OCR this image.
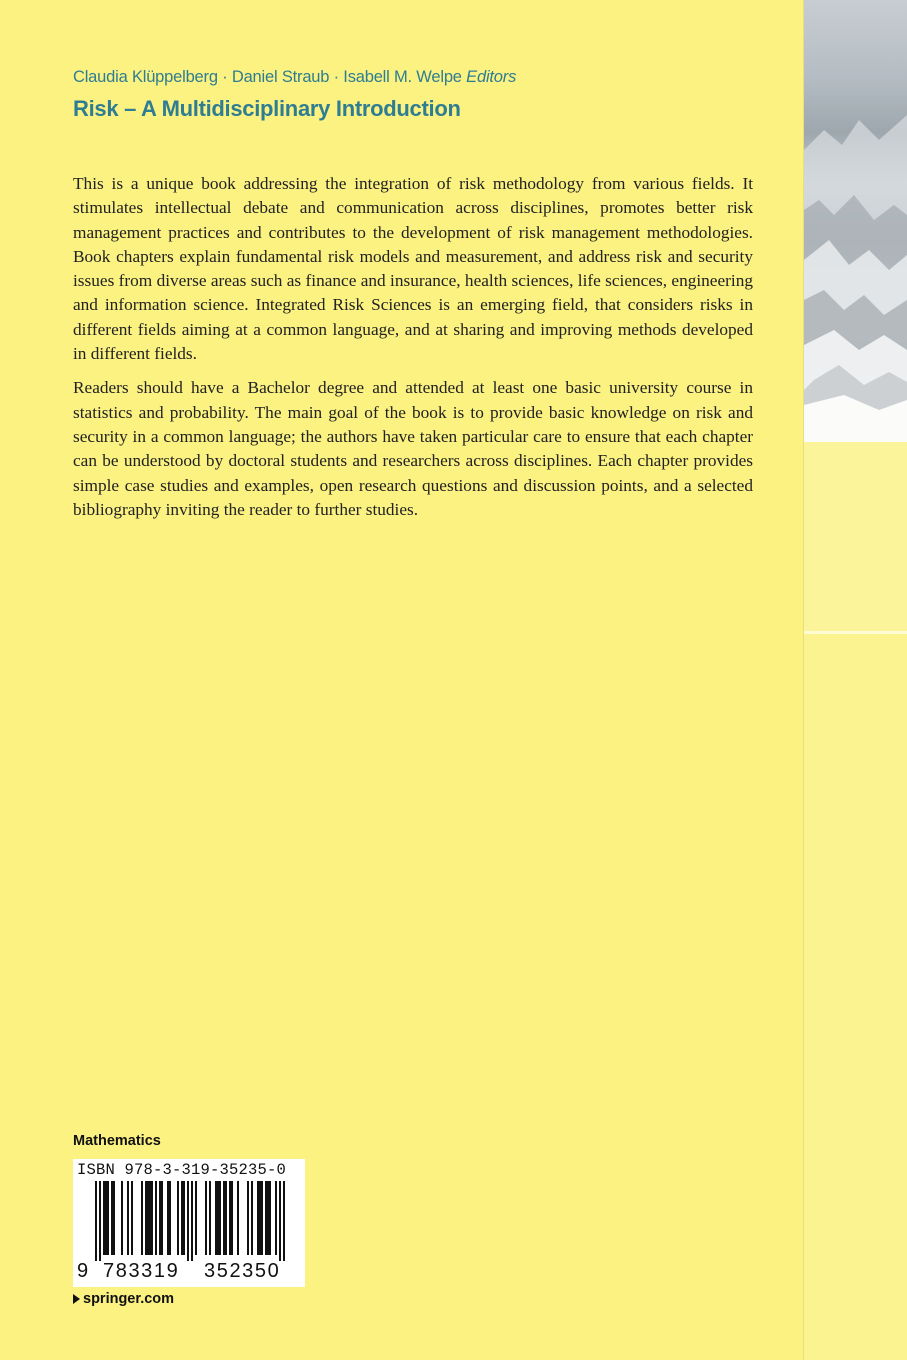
Claudia Klüppelberg · Daniel Straub · Isabell M. Welpe Editors
Risk – A Multidisciplinary Introduction

This is a unique book addressing the integration of risk methodology from various fields. It stimulates intellectual debate and communication across disciplines, promotes better risk management practices and contributes to the development of risk management methodologies. Book chapters explain fundamental risk models and measurement, and address risk and security issues from diverse areas such as finance and insurance, health sciences, life sciences, engineering and information science. Integrated Risk Sciences is an emerging field, that considers risks in different fields aiming at a common language, and at sharing and improving methods developed in different fields.

Readers should have a Bachelor degree and attended at least one basic university course in statistics and probability. The main goal of the book is to provide basic knowledge on risk and security in a common language; the authors have taken particular care to ensure that each chapter can be understood by doctoral students and researchers across disciplines. Each chapter provides simple case studies and examples, open research questions and discussion points, and a selected bibliography inviting the reader to further studies.

Mathematics
ISBN 978-3-319-35235-0
9 783319 352350
springer.com
